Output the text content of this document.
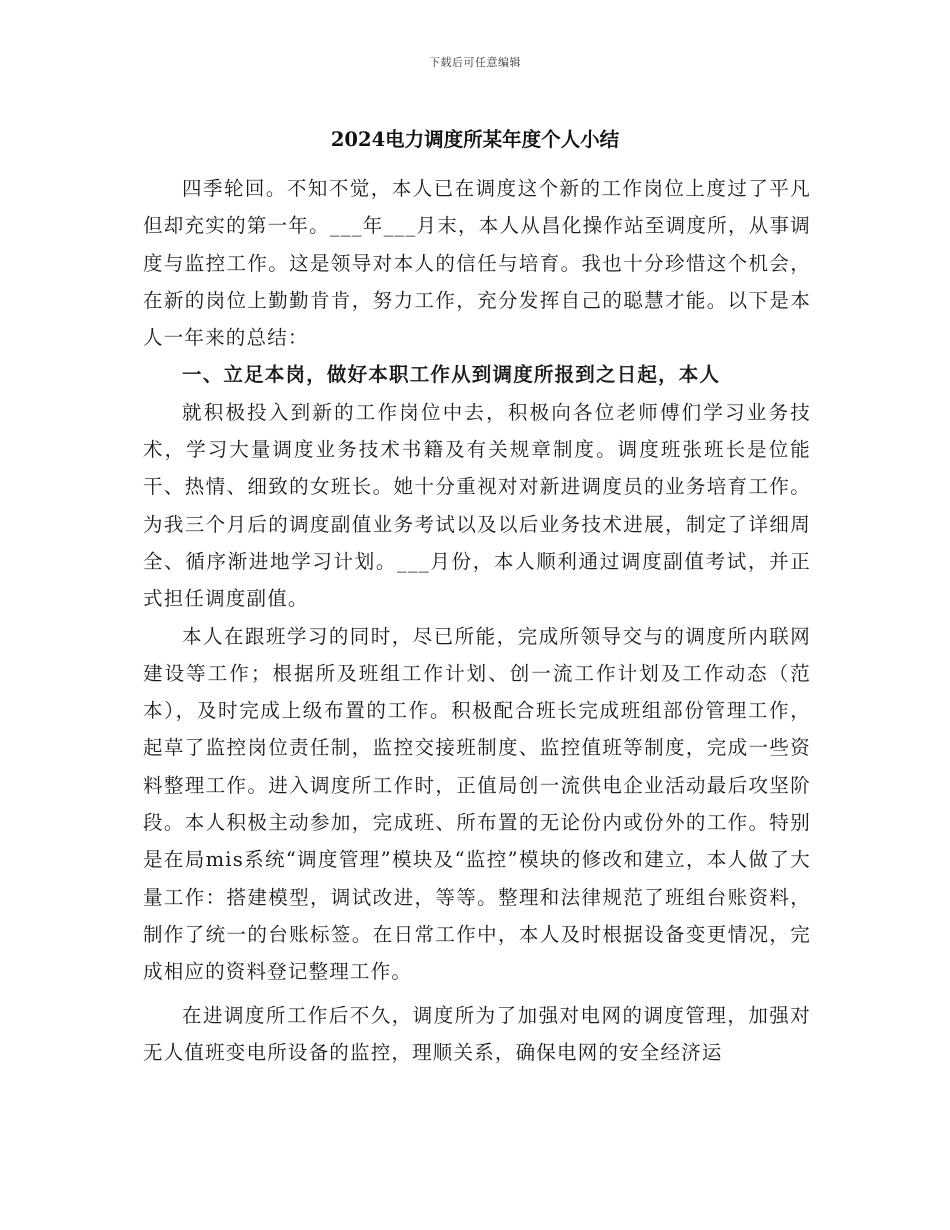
下载后可任意编辑
2024电力调度所某年度个人小结

四季轮回。不知不觉，本人已在调度这个新的工作岗位上度过了平凡但却充实的第一年。___年___月末，本人从昌化操作站至调度所，从事调度与监控工作。这是领导对本人的信任与培育。我也十分珍惜这个机会，在新的岗位上勤勤肯肯，努力工作，充分发挥自己的聪慧才能。以下是本人一年来的总结：

一、立足本岗，做好本职工作从到调度所报到之日起，本人

就积极投入到新的工作岗位中去，积极向各位老师傅们学习业务技术，学习大量调度业务技术书籍及有关规章制度。调度班张班长是位能干、热情、细致的女班长。她十分重视对对新进调度员的业务培育工作。为我三个月后的调度副值业务考试以及以后业务技术进展，制定了详细周全、循序渐进地学习计划。___月份，本人顺利通过调度副值考试，并正式担任调度副值。

本人在跟班学习的同时，尽已所能，完成所领导交与的调度所内联网建设等工作；根据所及班组工作计划、创一流工作计划及工作动态（范本），及时完成上级布置的工作。积极配合班长完成班组部份管理工作，起草了监控岗位责任制，监控交接班制度、监控值班等制度，完成一些资料整理工作。进入调度所工作时，正值局创一流供电企业活动最后攻坚阶段。本人积极主动参加，完成班、所布置的无论份内或份外的工作。特别是在局mis系统“调度管理”模块及“监控”模块的修改和建立，本人做了大量工作：搭建模型，调试改进，等等。整理和法律规范了班组台账资料，制作了统一的台账标签。在日常工作中，本人及时根据设备变更情况，完成相应的资料登记整理工作。

在进调度所工作后不久，调度所为了加强对电网的调度管理，加强对无人值班变电所设备的监控，理顺关系，确保电网的安全经济运
